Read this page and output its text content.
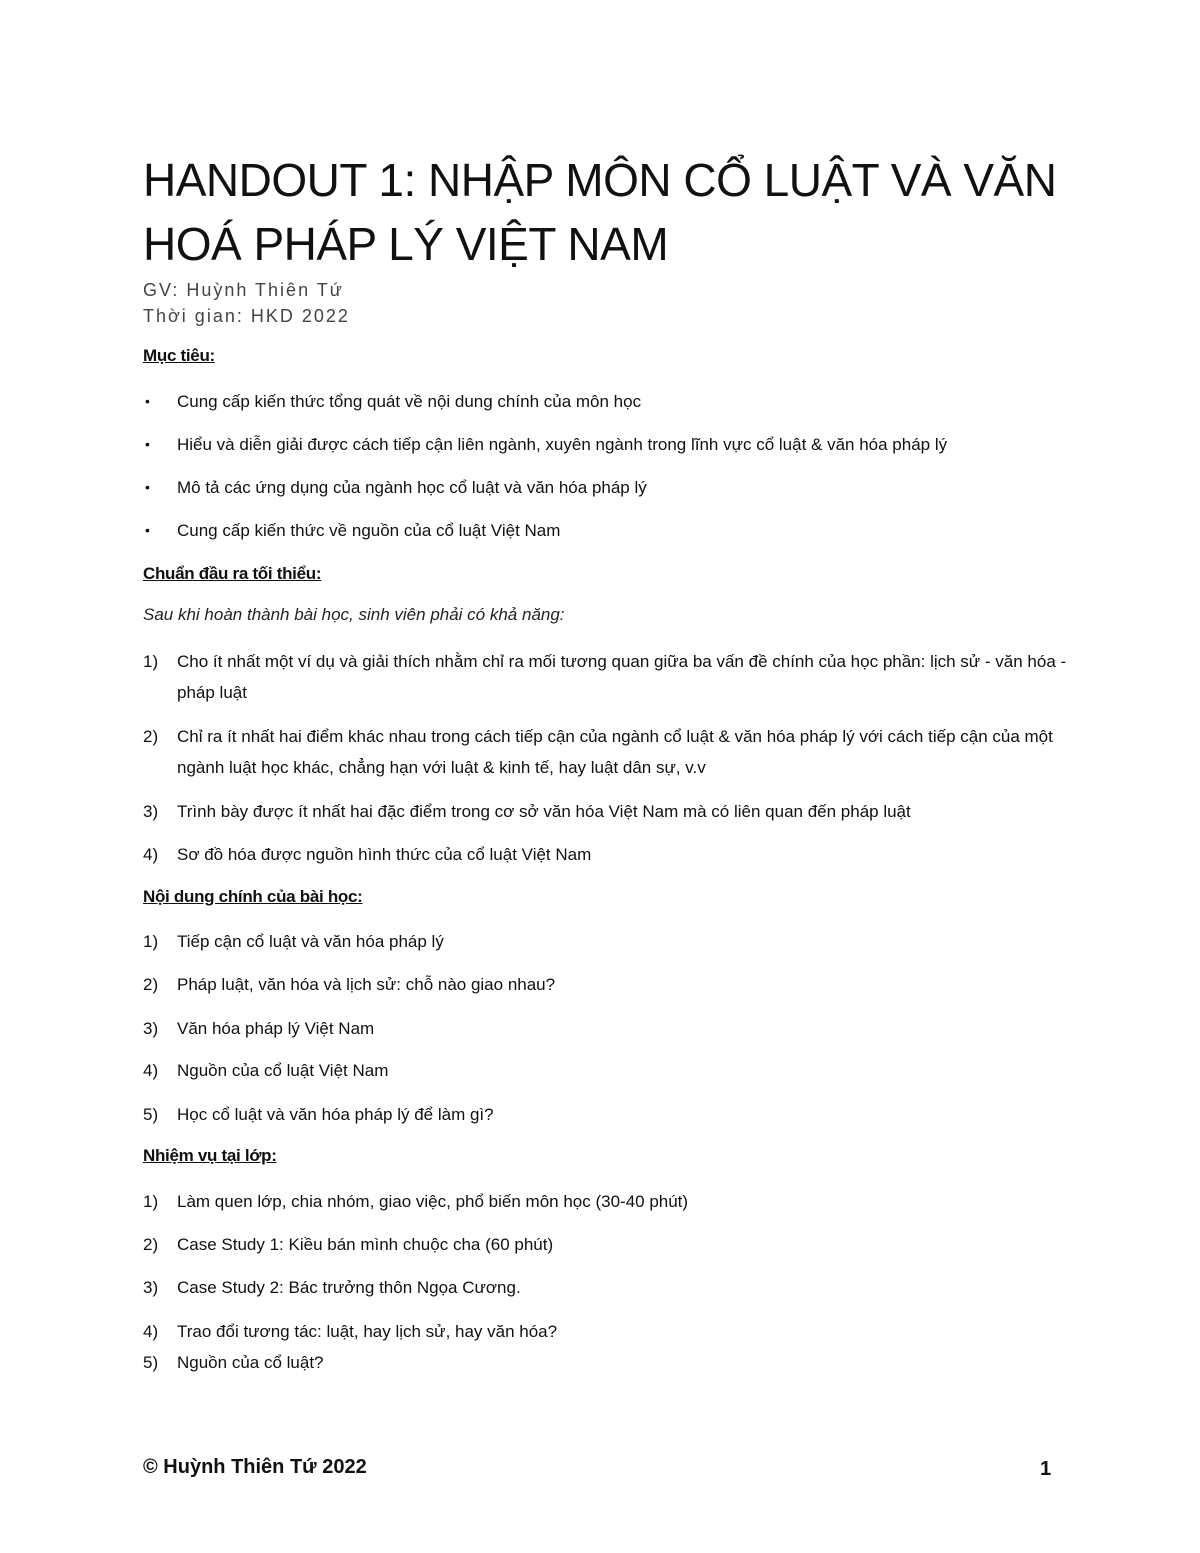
HANDOUT 1: NHẬP MÔN CỔ LUẬT VÀ VĂN HOÁ PHÁP LÝ VIỆT NAM
GV: Huỳnh Thiên Tứ
Thời gian: HKD 2022
Mục tiêu:
• Cung cấp kiến thức tổng quát về nội dung chính của môn học
• Hiểu và diễn giải được cách tiếp cận liên ngành, xuyên ngành trong lĩnh vực cổ luật & văn hóa pháp lý
• Mô tả các ứng dụng của ngành học cổ luật và văn hóa pháp lý
• Cung cấp kiến thức về nguồn của cổ luật Việt Nam
Chuẩn đầu ra tối thiểu:
Sau khi hoàn thành bài học, sinh viên phải có khả năng:
1) Cho ít nhất một ví dụ và giải thích nhằm chỉ ra mối tương quan giữa ba vấn đề chính của học phần: lịch sử - văn hóa - pháp luật
2) Chỉ ra ít nhất hai điểm khác nhau trong cách tiếp cận của ngành cổ luật & văn hóa pháp lý với cách tiếp cận của một ngành luật học khác, chẳng hạn với luật & kinh tế, hay luật dân sự, v.v
3) Trình bày được ít nhất hai đặc điểm trong cơ sở văn hóa Việt Nam mà có liên quan đến pháp luật
4) Sơ đồ hóa được nguồn hình thức của cổ luật Việt Nam
Nội dung chính của bài học:
1) Tiếp cận cổ luật và văn hóa pháp lý
2) Pháp luật, văn hóa và lịch sử: chỗ nào giao nhau?
3) Văn hóa pháp lý Việt Nam
4) Nguồn của cổ luật Việt Nam
5) Học cổ luật và văn hóa pháp lý để làm gì?
Nhiệm vụ tại lớp:
1) Làm quen lớp, chia nhóm, giao việc, phổ biến môn học (30-40 phút)
2) Case Study 1: Kiều bán mình chuộc cha (60 phút)
3) Case Study 2: Bác trưởng thôn Ngọa Cương.
4) Trao đổi tương tác: luật, hay lịch sử, hay văn hóa?
5) Nguồn của cổ luật?
© Huỳnh Thiên Tứ 2022	1
